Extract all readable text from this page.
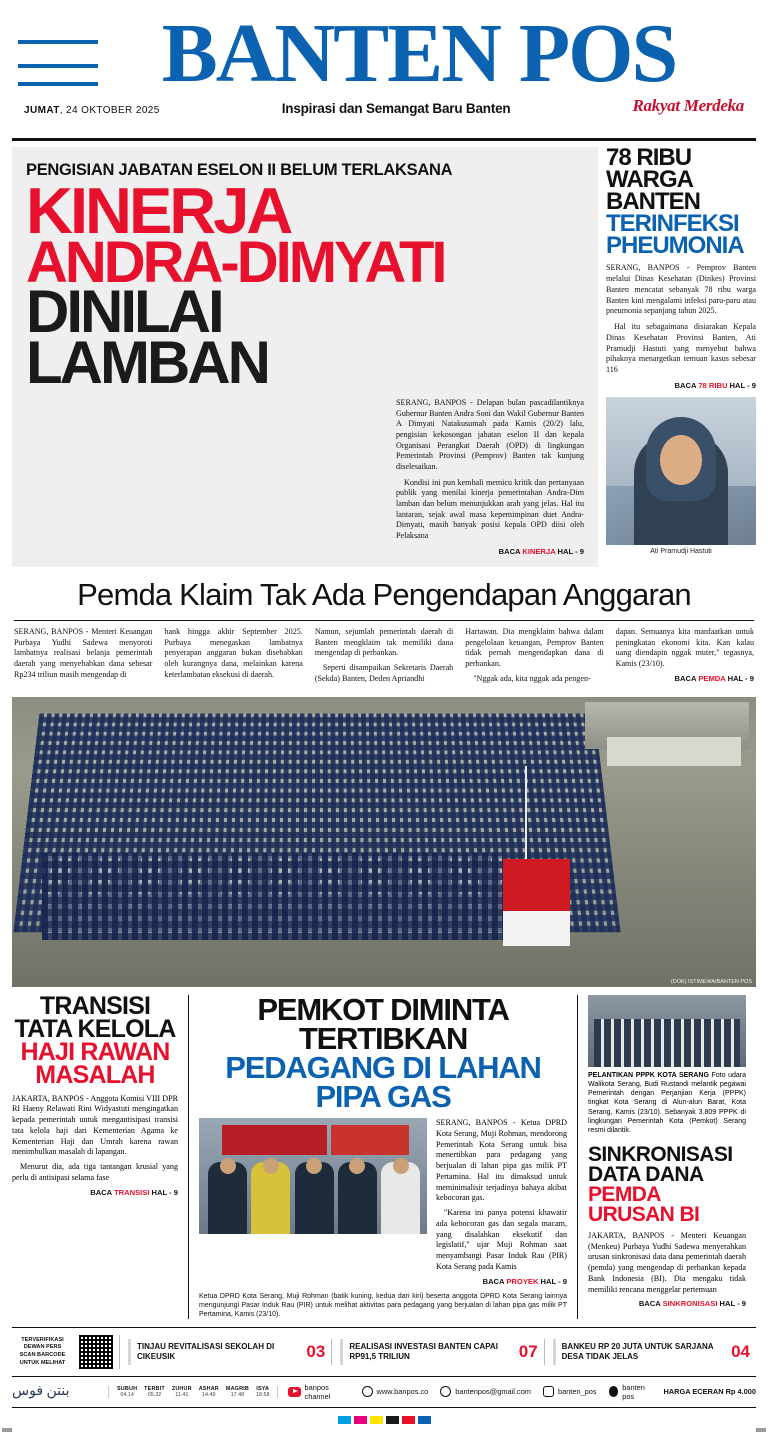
BANTEN POS
JUMAT, 24 OKTOBER 2025	Inspirasi dan Semangat Baru Banten	Rakyat Merdeka
PENGISIAN JABATAN ESELON II BELUM TERLAKSANA
KINERJA
ANDRA-DIMYATI
DINILAI
LAMBAN

SERANG, BANPOS - Delapan bulan pascadilantiknya Gubernur Banten Andra Soni dan Wakil Gubernur Banten A Dimyati Natakusumah pada Kamis (20/2) lalu, pengisian kekosongan jabatan eselon II dan kepala Organisasi Perangkat Daerah (OPD) di lingkungan Pemerintah Provinsi (Pemprov) Banten tak kunjung diselesaikan.

Kondisi ini pun kembali memicu kritik dan pertanyaan publik yang menilai kinerja pemerintahan Andra-Dim lamban dan belum menunjukkan arah yang jelas. Hal itu lantaran, sejak awal masa kepemimpinan duet Andra-Dimyati, masih banyak posisi kepala OPD diisi oleh Pelaksana

BACA KINERJA HAL - 9
78 RIBU
WARGA
BANTEN
TERINFEKSI
PHEUMONIA

SERANG, BANPOS - Pemprov Banten melalui Dinas Kesehatan (Dinkes) Provinsi Banten mencatat sebanyak 78 ribu warga Banten kini mengalami infeksi paru-paru atau pneumonia sepanjang tahun 2025.

Hal itu sebagaimana disiarakan Kepala Dinas Kesehatan Provinsi Banten, Ati Pramudji Hastuti yang menyebut bahwa pihaknya menargetkan temuan kasus sebesar 116

BACA 78 RIBU HAL - 9
Ati Pramudji Hastuti
Pemda Klaim Tak Ada Pengendapan Anggaran

SERANG, BANPOS - Menteri Keuangan Purbaya Yudhi Sadewa menyoroti lambatnya realisasi belanja pemerintah daerah yang menyebabkan dana sebesar Rp234 triliun masih mengendap di

bank hingga akhir September 2025. Purbaya menegaskan lambatnya penyerapan anggaran bukan disebabkan oleh kurangnya dana, melainkan karena keterlambatan eksekusi di daerah.

Namun, sejumlah pemerintah daerah di Banten mengklaim tak memiliki dana mengendap di perbankan.

Seperti disampaikan Sekretaris Daerah (Sekda) Banten, Deden Apriandhi

Hartawan. Dia mengklaim bahwa dalam pengelolaan keuangan, Pemprov Banten tidak pernah mengendapkan dana di perbankan.

"Nggak ada, kita nggak ada pengen-

dapan. Semuanya kita manfaatkan untuk peningkatan ekonomi kita. Kan kalau uang diendapin nggak muter," tegasnya, Kamis (23/10).

BACA PEMDA HAL - 9
(DOK) ISTIMEWA/BANTEN POS
TRANSISI
TATA KELOLA
HAJI RAWAN
MASALAH

JAKARTA, BANPOS - Anggota Komisi VIII DPR RI Haeny Relawati Rini Widyastuti mengingatkan kepada pemerintah untuk mengantisipasi transisi tata kelola haji dari Kementerian Agama ke Kementerian Haji dan Umrah karena rawan menimbulkan masalah di lapangan.

Menurut dia, ada tiga tantangan krusial yang perlu di antisipasi selama fase

BACA TRANSISI HAL - 9
PEMKOT DIMINTA TERTIBKAN
PEDAGANG DI LAHAN PIPA GAS

SERANG, BANPOS - Ketua DPRD Kota Serang, Muji Rohman, mendorong Pemerintah Kota Serang untuk bisa menertibkan para pedagang yang berjualan di lahan pipa gas milik PT Pertamina. Hal itu dimaksud untuk meminimalisir terjadinya bahaya akibat kebocoran gas.

"Karena ini panya potensi khawatir ada kebocoran gas dan segala macam, yang disalahkan eksekutif dan legislatif," ujar Muji Rohman saat menyambangi Pasar Induk Rau (PIR) Kota Serang pada Kamis

BACA PROYEK HAL - 9
Ketua DPRD Kota Serang, Muji Rohman (batik kuning, kedua dari kiri) beserta anggota DPRD Kota Serang lainnya mengunjungi Pasar Induk Rau (PIR) untuk melihat aktivitas para pedagang yang berjualan di lahan pipa gas milik PT Pertamina, Kamis (23/10).
PELANTIKAN PPPK KOTA SERANG Foto udara Walikota Serang, Budi Rustandi melantik pegawai Pemerintah dengan Perjanjian Kerja (PPPK) tingkat Kota Serang di Alun-alun Barat, Kota Serang, Kamis (23/10). Sebanyak 3.809 PPPK di lingkungan Pemerintah Kota (Pemkot) Serang resmi dilantik.
SINKRONISASI
DATA DANA
PEMDA
URUSAN BI

JAKARTA, BANPOS - Menteri Keuangan (Menkeu) Purbaya Yudhi Sadewa menyerahkan urusan sinkronisasi data dana pemerintah daerah (pemda) yang mengendap di perbankan kepada Bank Indonesia (BI). Dia mengaku tidak memiliki rencana menggelar pertemuan

BACA SINKRONISASI HAL - 9
TERVERIFIKASI
DEWAN PERS
SCAN BARCODE
UNTUK MELIHAT
TINJAU REVITALISASI SEKOLAH DI CIKEUSIK	03	REALISASI INVESTASI BANTEN CAPAI RP91,5 TRILIUN	07	BANKEU RP 20 JUTA UNTUK SARJANA DESA TIDAK JELAS	04
بنتن فوس	SUBUH
04.14
TERBIT
05.32
ZUHUR
11.41
ASHAR
14.49
MAGRIB
17.48
ISYA
18.58
banpos channel	www.banpos.co	bantenpos@gmail.com	banten_pos	banten pos	HARGA ECERAN Rp 4.000
